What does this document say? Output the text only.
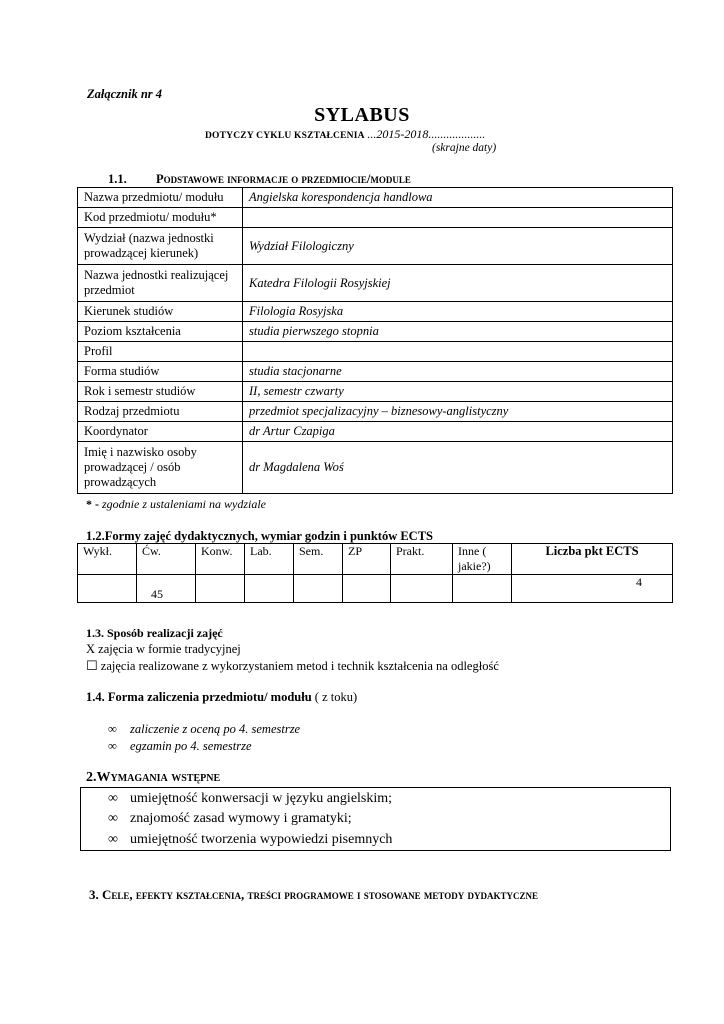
Załącznik nr 4
SYLABUS
DOTYCZY CYKLU KSZTAŁCENIA ...2015-2018...................
(skrajne daty)
1.1. Podstawowe informacje o przedmiocie/module
Nazwa przedmiotu/ modułu	Angielska korespondencja handlowa
Kod przedmiotu/ modułu*	
Wydział (nazwa jednostki prowadzącej kierunek)	Wydział Filologiczny
Nazwa jednostki realizującej przedmiot	Katedra Filologii Rosyjskiej
Kierunek studiów	Filologia Rosyjska
Poziom kształcenia	studia pierwszego stopnia
Profil	
Forma studiów	studia stacjonarne
Rok i semestr studiów	II, semestr czwarty
Rodzaj przedmiotu	przedmiot specjalizacyjny – biznesowy-anglistyczny
Koordynator	dr Artur Czapiga
Imię i nazwisko osoby prowadzącej / osób prowadzących	dr Magdalena Woś
* - zgodnie z ustaleniami na wydziale
1.2.Formy zajęć dydaktycznych, wymiar godzin i punktów ECTS
Wykł.	Ćw.	Konw.	Lab.	Sem.	ZP	Prakt.	Inne ( jakie?)	Liczba pkt ECTS
	45							4
1.3. Sposób realizacji zajęć
X zajęcia w formie tradycyjnej
☐ zajęcia realizowane z wykorzystaniem metod i technik kształcenia na odległość
1.4. Forma zaliczenia przedmiotu/ modułu ( z toku)
∞ zaliczenie z oceną po 4. semestrze
∞ egzamin po 4. semestrze
2.Wymagania wstępne
∞ umiejętność konwersacji w języku angielskim;
∞ znajomość zasad wymowy i gramatyki;
∞ umiejętność tworzenia wypowiedzi pisemnych
3. Cele, efekty kształcenia, treści programowe i stosowane metody dydaktyczne
